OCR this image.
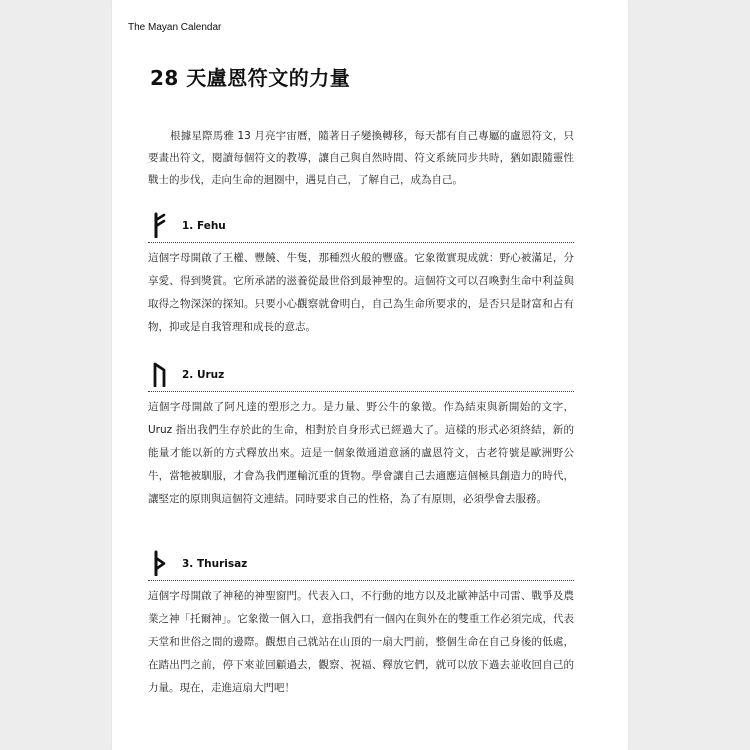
The Mayan Calendar
28 天盧恩符文的力量

根據星際馬雅 13 月亮宇宙曆，隨著日子變換轉移，每天都有自己專屬的盧恩符文，只要畫出符文，閱讀每個符文的教導，讓自己與自然時間、符文系統同步共時，猶如跟隨靈性戰士的步伐，走向生命的迴圈中，遇見自己，了解自己，成為自己。

1. Fehu

這個字母開啟了王權、豐饒、牛隻，那種烈火般的豐盛。它象徵實現成就：野心被滿足，分享愛、得到獎賞。它所承諾的滋養從最世俗到最神聖的。這個符文可以召喚對生命中利益與取得之物深深的探知。只要小心觀察就會明白，自己為生命所要求的，是否只是財富和占有物，抑或是自我管理和成長的意志。

2. Uruz

這個字母開啟了阿凡達的塑形之力。是力量、野公牛的象徵。作為結束與新開始的文字，Uruz 指出我們生存於此的生命，相對於自身形式已經過大了。這樣的形式必須終結，新的能量才能以新的方式釋放出來。這是一個象徵通道意涵的盧恩符文，古老符號是歐洲野公牛，當牠被馴服，才會為我們運輸沉重的貨物。學會讓自己去適應這個極具創造力的時代，讓堅定的原則與這個符文連結。同時要求自己的性格，為了有原則，必須學會去服務。

3. Thurisaz

這個字母開啟了神秘的神聖窗門。代表入口，不行動的地方以及北歐神話中司雷、戰爭及農業之神「托爾神」。它象徵一個入口，意指我們有一個內在與外在的雙重工作必須完成，代表天堂和世俗之間的邊際。觀想自己就站在山頂的一扇大門前，整個生命在自己身後的低處，在踏出門之前，停下來並回顧過去，觀察、祝福、釋放它們，就可以放下過去並收回自己的力量。現在，走進這扇大門吧！
